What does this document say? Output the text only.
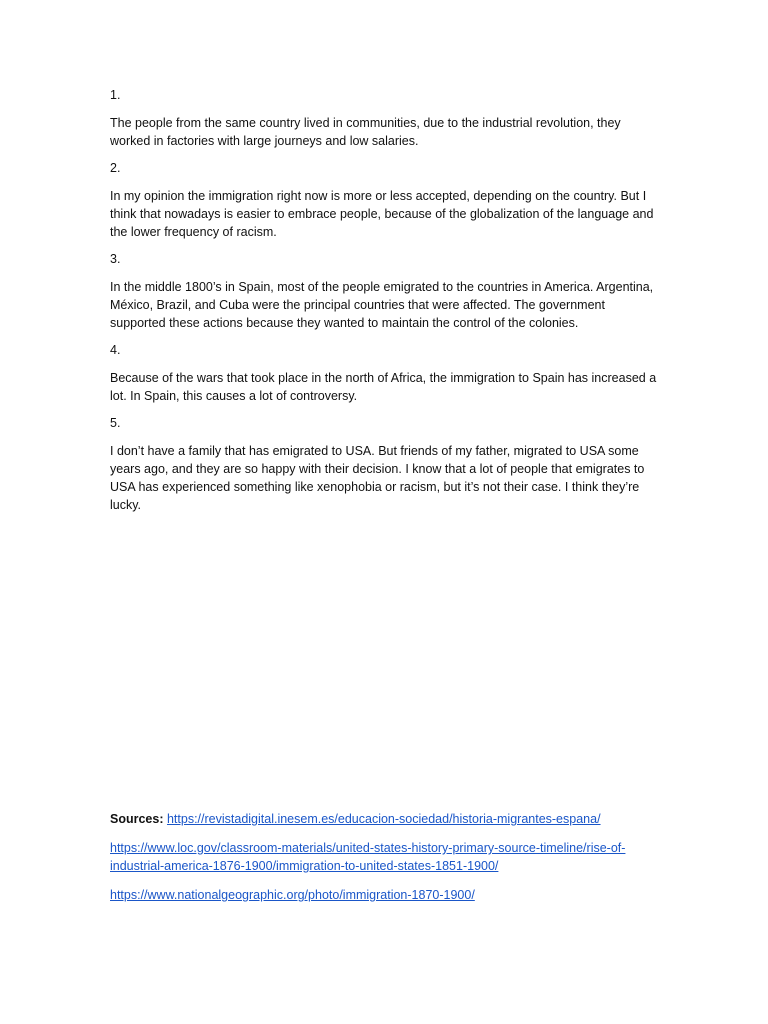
1.
The people from the same country lived in communities, due to the industrial revolution, they worked in factories with large journeys and low salaries.
2.
In my opinion the immigration right now is more or less accepted, depending on the country. But I think that nowadays is easier to embrace people, because of the globalization of the language and the lower frequency of racism.
3.
In the middle 1800’s in Spain, most of the people emigrated to the countries in America. Argentina, México, Brazil, and Cuba were the principal countries that were affected. The government supported these actions because they wanted to maintain the control of the colonies.
4.
Because of the wars that took place in the north of Africa, the immigration to Spain has increased a lot. In Spain, this causes a lot of controversy.
5.
I don’t have a family that has emigrated to USA. But friends of my father, migrated to USA some years ago, and they are so happy with their decision. I know that a lot of people that emigrates to USA has experienced something like xenophobia or racism, but it’s not their case. I think they’re lucky.
Sources: https://revistadigital.inesem.es/educacion-sociedad/historia-migrantes-espana/
https://www.loc.gov/classroom-materials/united-states-history-primary-source-timeline/rise-of-industrial-america-1876-1900/immigration-to-united-states-1851-1900/
https://www.nationalgeographic.org/photo/immigration-1870-1900/
